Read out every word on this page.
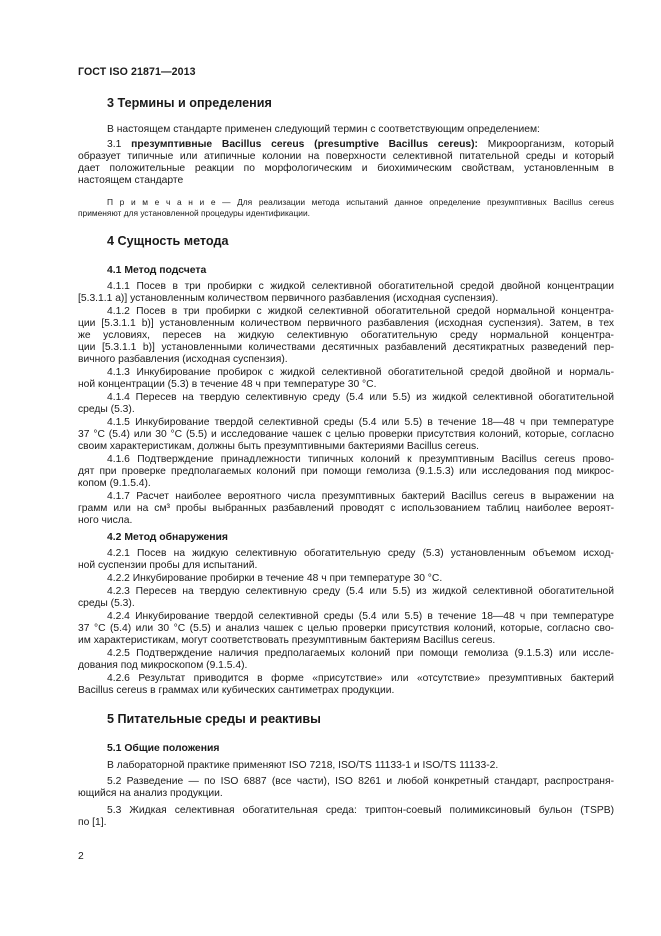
ГОСТ ISO 21871—2013
3 Термины и определения
В настоящем стандарте применен следующий термин с соответствующим определением:
3.1 презумптивные Bacillus cereus (presumptive Bacillus cereus): Микроорганизм, который
образует типичные или атипичные колонии на поверхности селективной питательной среды и который
дает положительные реакции по морфологическим и биохимическим свойствам, установленным в
настоящем стандарте
П р и м е ч а н и е — Для реализации метода испытаний данное определение презумптивных Bacillus cereus
применяют для установленной процедуры идентификации.
4 Сущность метода
4.1 Метод подсчета
4.1.1 Посев в три пробирки с жидкой селективной обогатительной средой двойной концентрации
[5.3.1.1 а)] установленным количеством первичного разбавления (исходная суспензия).
4.1.2 Посев в три пробирки с жидкой селективной обогатительной средой нормальной концентра-
ции [5.3.1.1 b)] установленным количеством первичного разбавления (исходная суспензия). Затем, в тех
же условиях, пересев на жидкую селективную обогатительную среду нормальной концентра-
ции [5.3.1.1 b)] установленными количествами десятичных разбавлений десятикратных разведений пер-
вичного разбавления (исходная суспензия).
4.1.3 Инкубирование пробирок с жидкой селективной обогатительной средой двойной и нормаль-
ной концентрации (5.3) в течение 48 ч при температуре 30 °С.
4.1.4 Пересев на твердую селективную среду (5.4 или 5.5) из жидкой селективной обогатительной
среды (5.3).
4.1.5 Инкубирование твердой селективной среды (5.4 или 5.5) в течение 18—48 ч при температуре
37 °С (5.4) или 30 °С (5.5) и исследование чашек с целью проверки присутствия колоний, которые, согласно
своим характеристикам, должны быть презумптивными бактериями Bacillus cereus.
4.1.6 Подтверждение принадлежности типичных колоний к презумптивным Bacillus cereus прово-
дят при проверке предполагаемых колоний при помощи гемолиза (9.1.5.3) или исследования под микрос-
копом (9.1.5.4).
4.1.7 Расчет наиболее вероятного числа презумптивных бактерий Bacillus cereus в выражении на
грамм или на см³ пробы выбранных разбавлений проводят с использованием таблиц наиболее вероят-
ного числа.
4.2 Метод обнаружения
4.2.1 Посев на жидкую селективную обогатительную среду (5.3) установленным объемом исход-
ной суспензии пробы для испытаний.
4.2.2 Инкубирование пробирки в течение 48 ч при температуре 30 °С.
4.2.3 Пересев на твердую селективную среду (5.4 или 5.5) из жидкой селективной обогатительной
среды (5.3).
4.2.4 Инкубирование твердой селективной среды (5.4 или 5.5) в течение 18—48 ч при температуре
37 °С (5.4) или 30 °С (5.5) и анализ чашек с целью проверки присутствия колоний, которые, согласно сво-
им характеристикам, могут соответствовать презумптивным бактериям Bacillus cereus.
4.2.5 Подтверждение наличия предполагаемых колоний при помощи гемолиза (9.1.5.3) или иссле-
дования под микроскопом (9.1.5.4).
4.2.6 Результат приводится в форме «присутствие» или «отсутствие» презумптивных бактерий
Bacillus cereus в граммах или кубических сантиметрах продукции.
5 Питательные среды и реактивы
5.1 Общие положения
В лабораторной практике применяют ISO 7218, ISO/TS 11133-1 и ISO/TS 11133-2.
5.2 Разведение — по ISO 6887 (все части), ISO 8261 и любой конкретный стандарт, распространя-
ющийся на анализ продукции.
5.3 Жидкая селективная обогатительная среда: триптон-соевый полимиксиновый бульон (TSPB)
по [1].
2
